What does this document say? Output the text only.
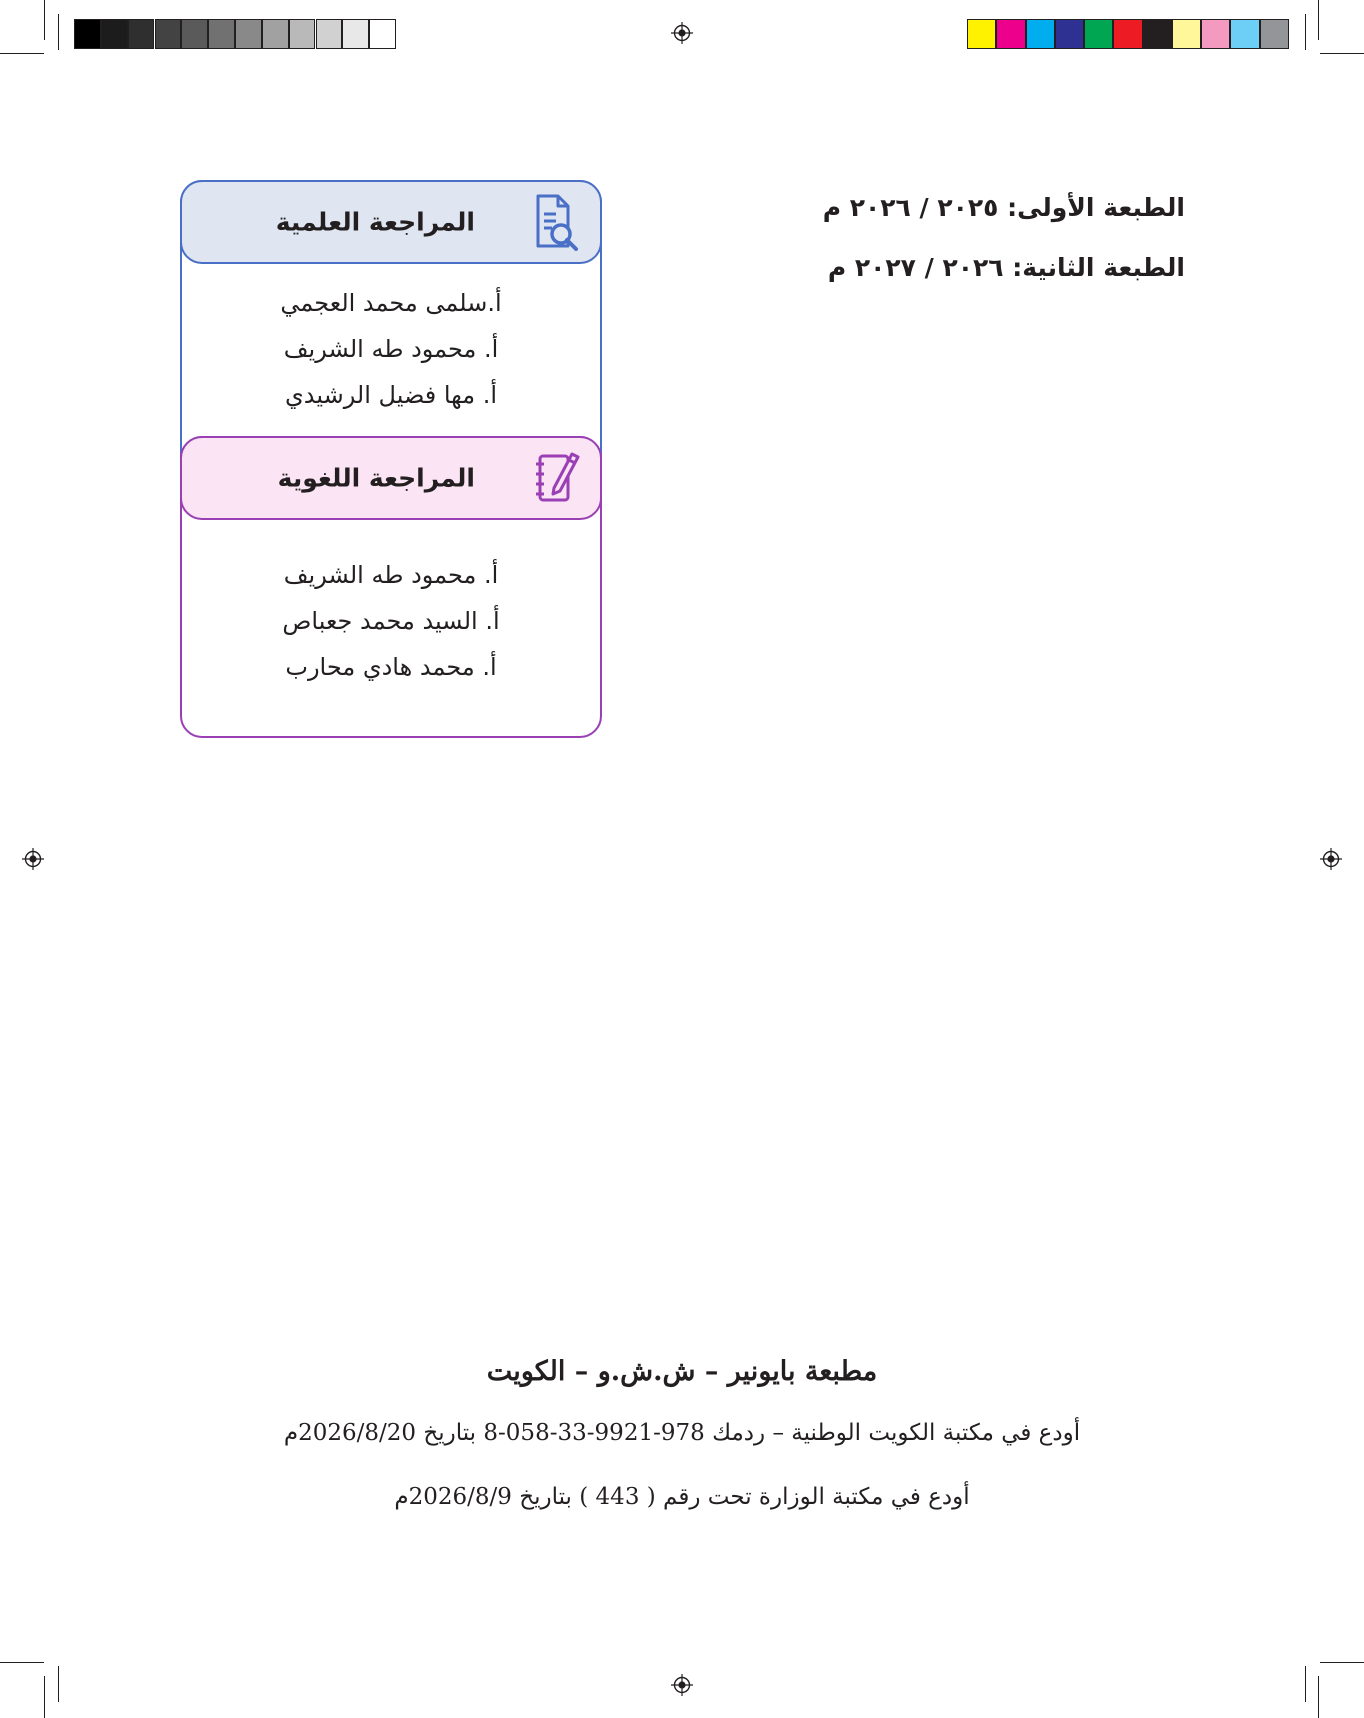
الطبعة الأولى: ٢٠٢٥ / ٢٠٢٦ م
الطبعة الثانية: ٢٠٢٦ / ٢٠٢٧ م
المراجعة العلمية
أ.سلمى محمد العجمي
أ. محمود طه الشريف
أ. مها فضيل الرشيدي
المراجعة اللغوية
أ. محمود طه الشريف
أ. السيد محمد جعباص
أ. محمد هادي محارب
مطبعة بايونير – ش.ش.و – الكويت
أودع في مكتبة الكويت الوطنية – ردمك 978-9921-33-058-8 بتاريخ 2026/8/20م
أودع في مكتبة الوزارة تحت رقم ( 443 ) بتاريخ 2026/8/9م
